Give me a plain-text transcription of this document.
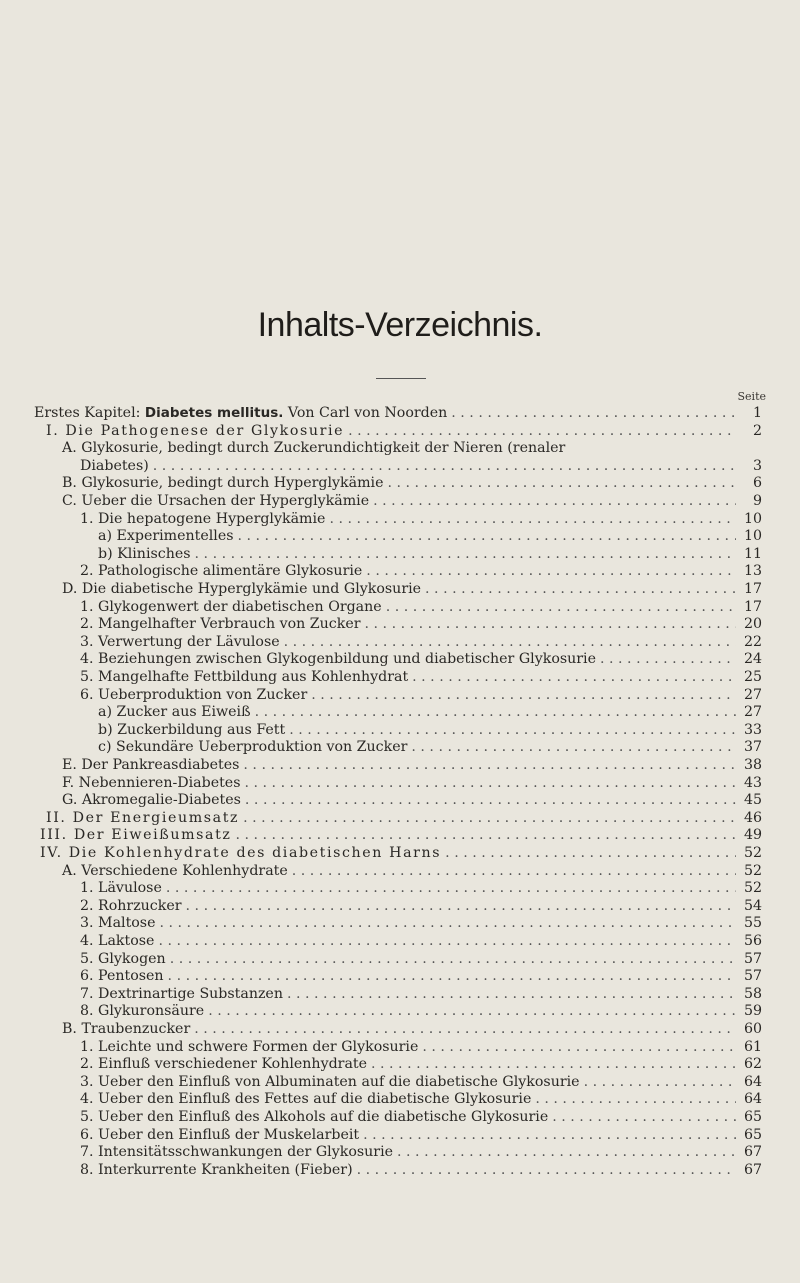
Inhalts-Verzeichnis.
Seite
Erstes Kapitel: Diabetes mellitus. Von Carl von Noorden . . .	1
I. Die Pathogenese der Glykosurie . . .	2
A. Glykosurie, bedingt durch Zuckerundichtigkeit der Nieren (renaler
Diabetes) . . .	3
B. Glykosurie, bedingt durch Hyperglykämie . . .	6
C. Ueber die Ursachen der Hyperglykämie . . .	9
1. Die hepatogene Hyperglykämie . . .	10
a) Experimentelles . . .	10
b) Klinisches . . .	11
2. Pathologische alimentäre Glykosurie . . .	13
D. Die diabetische Hyperglykämie und Glykosurie . . .	17
1. Glykogenwert der diabetischen Organe . . .	17
2. Mangelhafter Verbrauch von Zucker . . .	20
3. Verwertung der Lävulose . . .	22
4. Beziehungen zwischen Glykogenbildung und diabetischer Glykosurie . . .	24
5. Mangelhafte Fettbildung aus Kohlenhydrat . . .	25
6. Ueberproduktion von Zucker . . .	27
a) Zucker aus Eiweiß . . .	27
b) Zuckerbildung aus Fett . . .	33
c) Sekundäre Ueberproduktion von Zucker . . .	37
E. Der Pankreasdiabetes . . .	38
F. Nebennieren-Diabetes . . .	43
G. Akromegalie-Diabetes . . .	45
II. Der Energieumsatz . . .	46
III. Der Eiweißumsatz . . .	49
IV. Die Kohlenhydrate des diabetischen Harns . . .	52
A. Verschiedene Kohlenhydrate . . .	52
1. Lävulose . . .	52
2. Rohrzucker . . .	54
3. Maltose . . .	55
4. Laktose . . .	56
5. Glykogen . . .	57
6. Pentosen . . .	57
7. Dextrinartige Substanzen . . .	58
8. Glykuronsäure . . .	59
B. Traubenzucker . . .	60
1. Leichte und schwere Formen der Glykosurie . . .	61
2. Einfluß verschiedener Kohlenhydrate . . .	62
3. Ueber den Einfluß von Albuminaten auf die diabetische Glykosurie . . .	64
4. Ueber den Einfluß des Fettes auf die diabetische Glykosurie . . .	64
5. Ueber den Einfluß des Alkohols auf die diabetische Glykosurie . . .	65
6. Ueber den Einfluß der Muskelarbeit . . .	65
7. Intensitätsschwankungen der Glykosurie . . .	67
8. Interkurrente Krankheiten (Fieber) . . .	67
